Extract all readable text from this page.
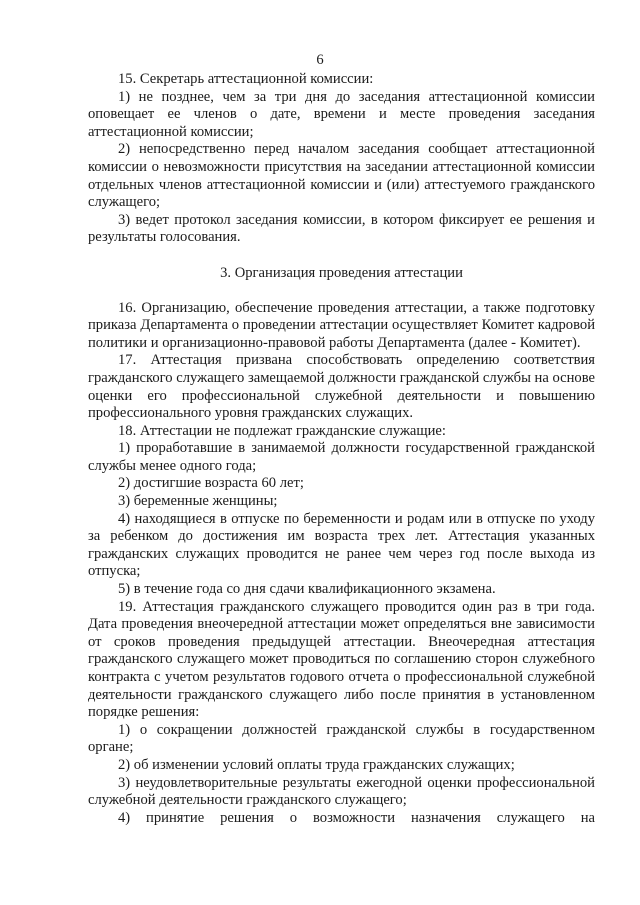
6

15. Секретарь аттестационной комиссии:

1) не позднее, чем за три дня до заседания аттестационной комиссии оповещает ее членов о дате, времени и месте проведения заседания аттестационной комиссии;

2) непосредственно перед началом заседания сообщает аттестационной комиссии о невозможности присутствия на заседании аттестационной комиссии отдельных членов аттестационной комиссии и (или) аттестуемого гражданского служащего;

3) ведет протокол заседания комиссии, в котором фиксирует ее решения и результаты голосования.

3. Организация проведения аттестации

16. Организацию, обеспечение проведения аттестации, а также подготовку приказа Департамента о проведении аттестации осуществляет Комитет кадровой политики и организационно-правовой работы Департамента (далее - Комитет).

17. Аттестация призвана способствовать определению соответствия гражданского служащего замещаемой должности гражданской службы на основе оценки его профессиональной служебной деятельности и повышению профессионального уровня гражданских служащих.

18. Аттестации не подлежат гражданские служащие:

1) проработавшие в занимаемой должности государственной гражданской службы менее одного года;

2) достигшие возраста 60 лет;

3) беременные женщины;

4) находящиеся в отпуске по беременности и родам или в отпуске по уходу за ребенком до достижения им возраста трех лет. Аттестация указанных гражданских служащих проводится не ранее чем через год после выхода из отпуска;

5) в течение года со дня сдачи квалификационного экзамена.

19. Аттестация гражданского служащего проводится один раз в три года. Дата проведения внеочередной аттестации может определяться вне зависимости от сроков проведения предыдущей аттестации. Внеочередная аттестация гражданского служащего может проводиться по соглашению сторон служебного контракта с учетом результатов годового отчета о профессиональной служебной деятельности гражданского служащего либо после принятия в установленном порядке решения:

1) о сокращении должностей гражданской службы в государственном органе;

2) об изменении условий оплаты труда гражданских служащих;

3) неудовлетворительные результаты ежегодной оценки профессиональной служебной деятельности гражданского служащего;

4) принятие решения о возможности назначения служащего на
